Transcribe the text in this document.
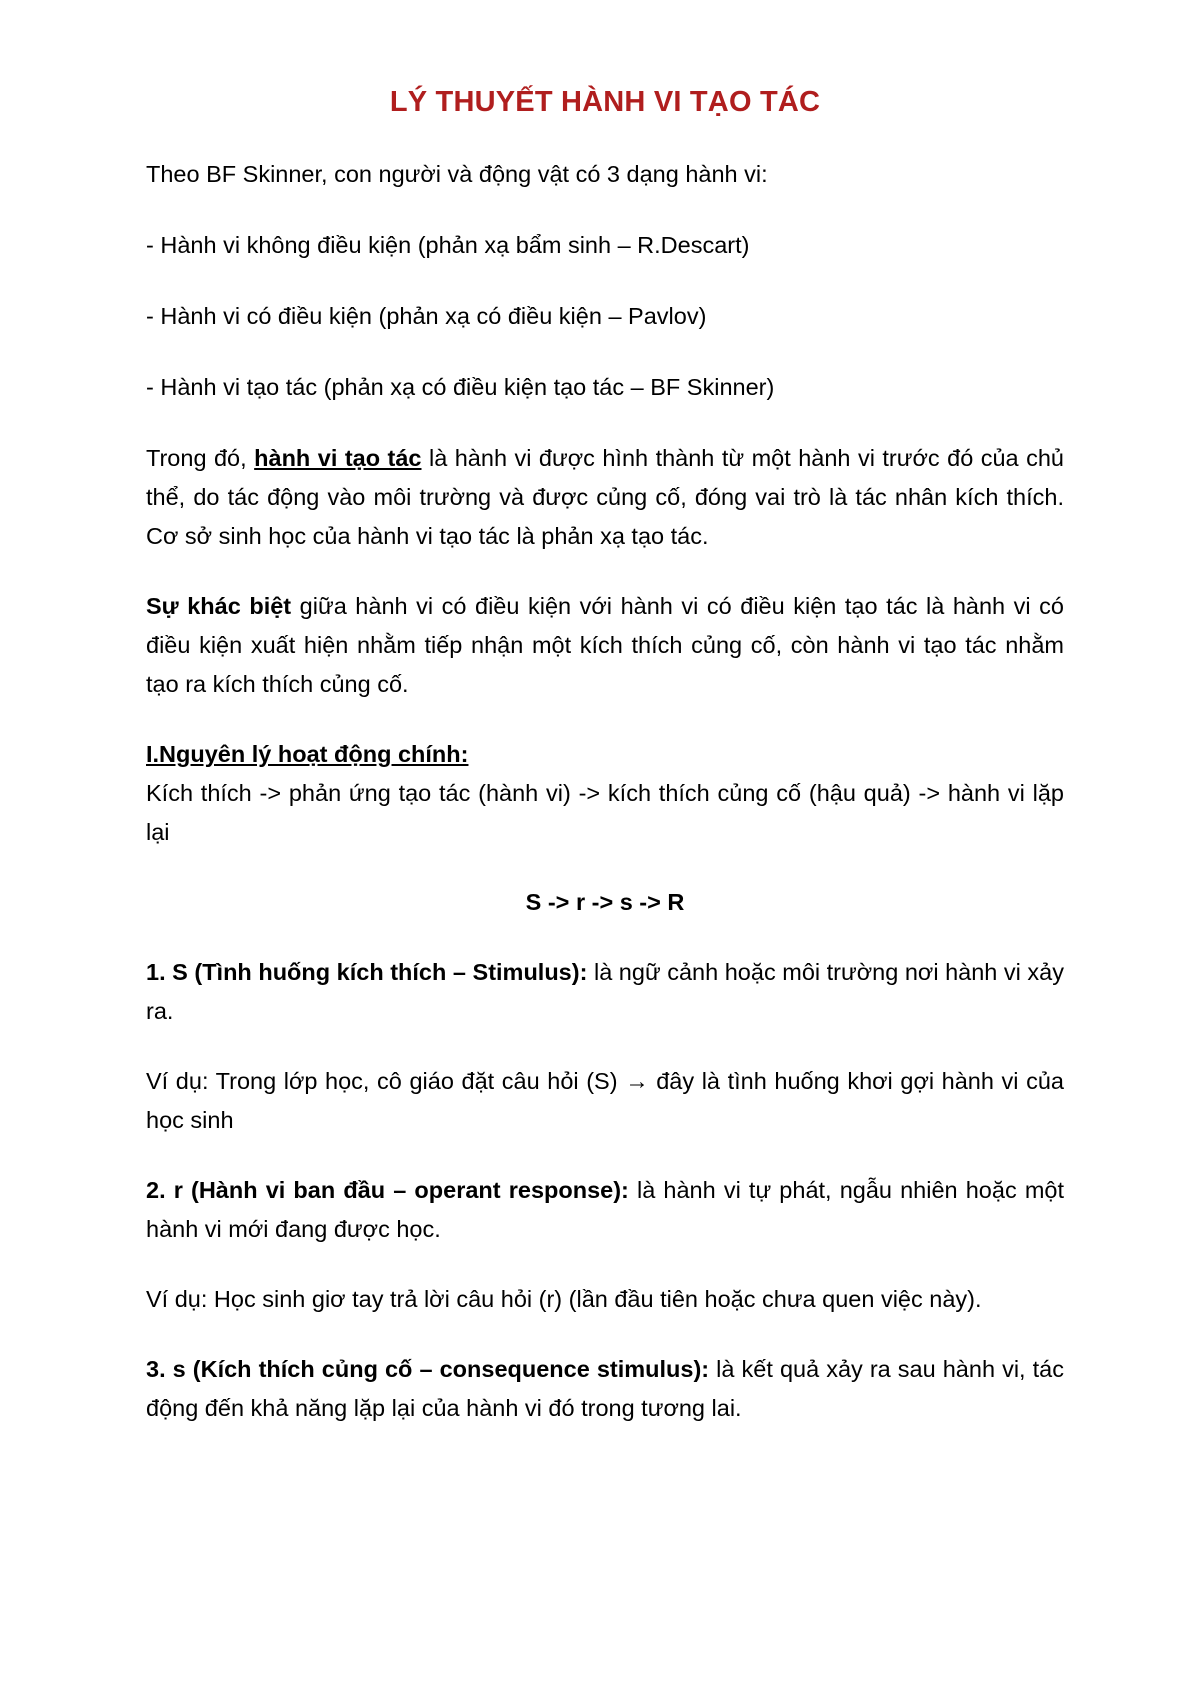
LÝ THUYẾT HÀNH VI TẠO TÁC

Theo BF Skinner, con người và động vật có 3 dạng hành vi:

- Hành vi không điều kiện (phản xạ bẩm sinh – R.Descart)

- Hành vi có điều kiện (phản xạ có điều kiện – Pavlov)

- Hành vi tạo tác (phản xạ có điều kiện tạo tác – BF Skinner)

Trong đó, hành vi tạo tác là hành vi được hình thành từ một hành vi trước đó của chủ thể, do tác động vào môi trường và được củng cố, đóng vai trò là tác nhân kích thích. Cơ sở sinh học của hành vi tạo tác là phản xạ tạo tác.

Sự khác biệt giữa hành vi có điều kiện với hành vi có điều kiện tạo tác là hành vi có điều kiện xuất hiện nhằm tiếp nhận một kích thích củng cố, còn hành vi tạo tác nhằm tạo ra kích thích củng cố.

I.Nguyên lý hoạt động chính:

Kích thích -> phản ứng tạo tác (hành vi) -> kích thích củng cố (hậu quả) -> hành vi lặp lại

S -> r -> s -> R

1. S (Tình huống kích thích – Stimulus): là ngữ cảnh hoặc môi trường nơi hành vi xảy ra.

Ví dụ: Trong lớp học, cô giáo đặt câu hỏi (S) → đây là tình huống khơi gợi hành vi của học sinh

2. r (Hành vi ban đầu – operant response): là hành vi tự phát, ngẫu nhiên hoặc một hành vi mới đang được học.

Ví dụ: Học sinh giơ tay trả lời câu hỏi (r) (lần đầu tiên hoặc chưa quen việc này).

3. s (Kích thích củng cố – consequence stimulus): là kết quả xảy ra sau hành vi, tác động đến khả năng lặp lại của hành vi đó trong tương lai.
